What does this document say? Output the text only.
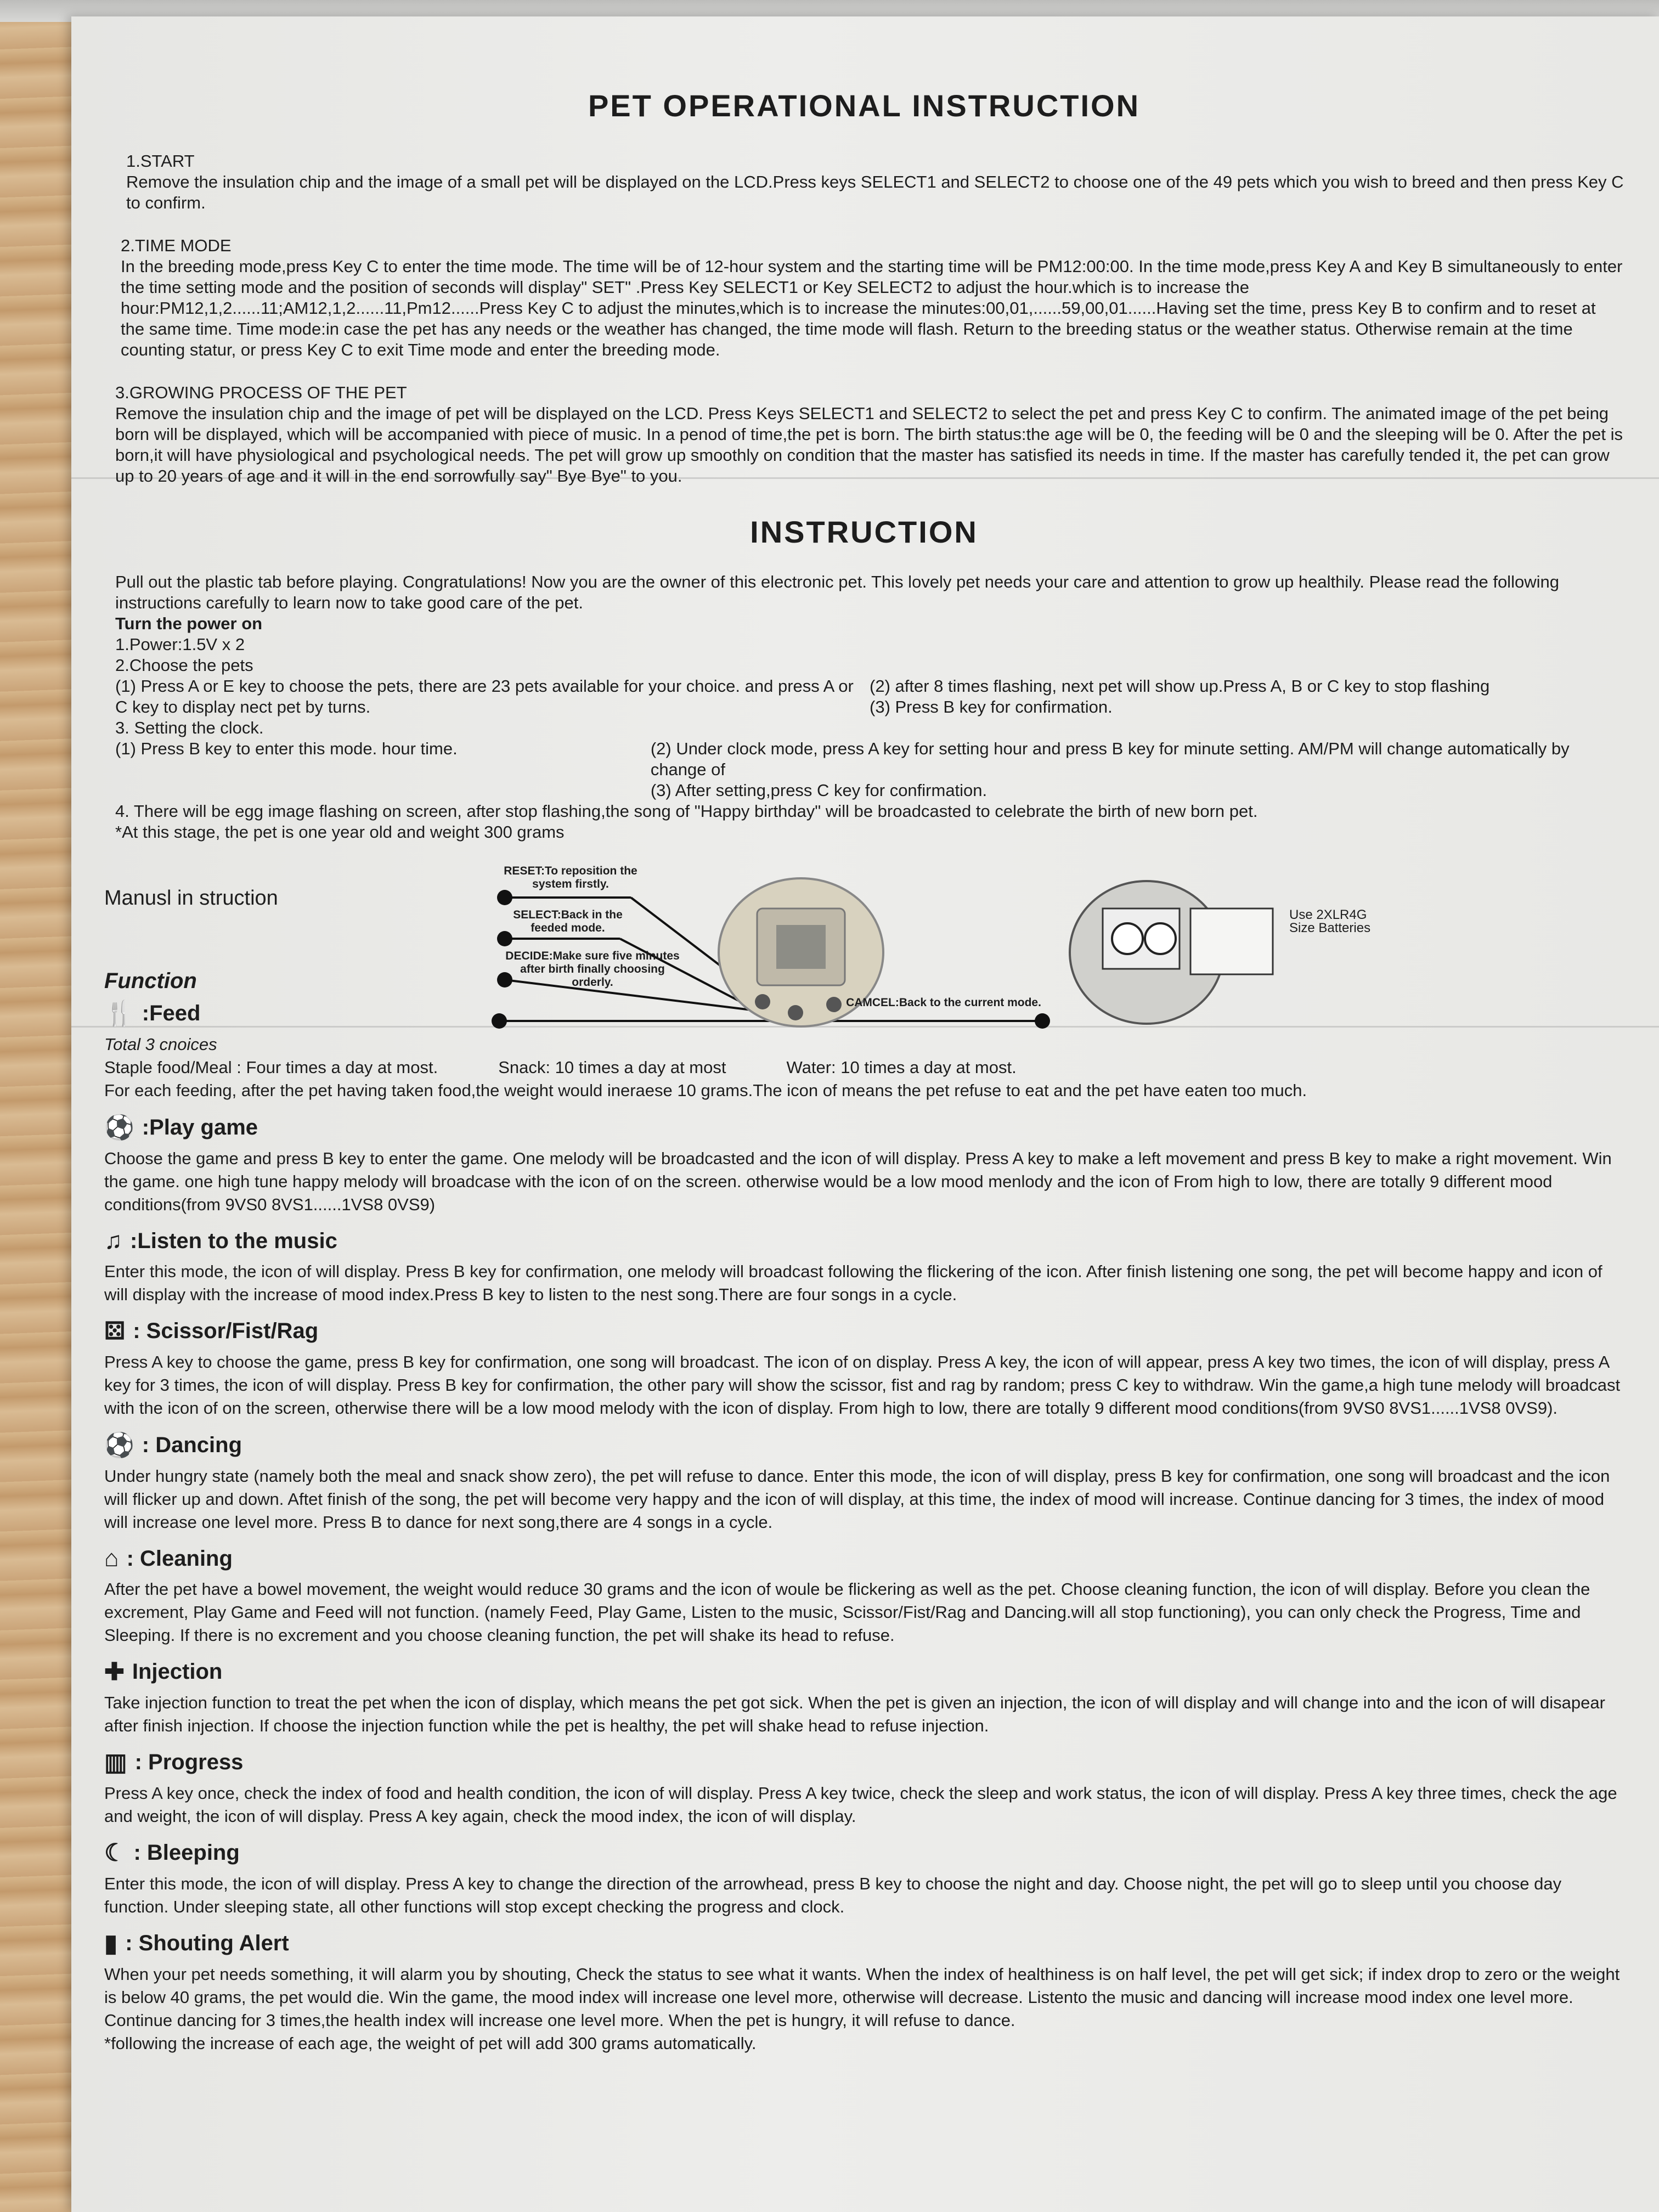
PET OPERATIONAL INSTRUCTION

1.START

Remove the insulation chip and the image of a small pet will be displayed on the LCD.Press keys SELECT1 and SELECT2 to choose one of the 49 pets which you wish to breed and then press Key C to confirm.

2.TIME MODE

In the breeding mode,press Key C to enter the time mode. The time will be of 12-hour system and the starting time will be PM12:00:00. In the time mode,press Key A and Key B simultaneously to enter the time setting mode and the position of seconds will display" SET" .Press Key SELECT1 or Key SELECT2 to adjust the hour.which is to increase the hour:PM12,1,2......11;AM12,1,2......11,Pm12......Press Key C to adjust the minutes,which is to increase the minutes:00,01,......59,00,01......Having set the time, press Key B to confirm and to reset at the same time. Time mode:in case the pet has any needs or the weather has changed, the time mode will flash. Return to the breeding status or the weather status. Otherwise remain at the time counting statur, or press Key C to exit Time mode and enter the breeding mode.

3.GROWING PROCESS OF THE PET

Remove the insulation chip and the image of pet will be displayed on the LCD. Press Keys SELECT1 and SELECT2 to select the pet and press Key C to confirm. The animated image of the pet being born will be displayed, which will be accompanied with piece of music. In a penod of time,the pet is born. The birth status:the age will be 0, the feeding will be 0 and the sleeping will be 0. After the pet is born,it will have physiological and psychological needs. The pet will grow up smoothly on condition that the master has satisfied its needs in time. If the master has carefully tended it, the pet can grow up to 20 years of age and it will in the end sorrowfully say" Bye Bye" to you.

INSTRUCTION

Pull out the plastic tab before playing. Congratulations! Now you are the owner of this electronic pet. This lovely pet needs your care and attention to grow up healthily. Please read the following instructions carefully to learn now to take good care of the pet.

Turn the power on

1.Power:1.5V x 2

2.Choose the pets

(1) Press A or E key to choose the pets, there are 23 pets available for your choice. and press A or C key to display nect pet by turns.

(2) after 8 times flashing, next pet will show up.Press A, B or C key to stop flashing

(3) Press B key for confirmation.

3. Setting the clock.

(1) Press B key to enter this mode. hour time.	(2) Under clock mode, press A key for setting hour and press B key for minute setting. AM/PM will change automatically by change of

(3) After setting,press C key for confirmation.

4. There will be egg image flashing on screen, after stop flashing,the song of "Happy birthday" will be broadcasted to celebrate the birth of new born pet.

*At this stage, the pet is one year old and weight 300 grams

Manusl in struction
RESET:To reposition the system firstly.
SELECT:Back in the feeded mode.
DECIDE:Make sure five minutes after birth finally choosing orderly.
CAMCEL:Back to the current mode.
Use 2XLR4G Size Batteries
Function
🍴 :Feed

Total 3 cnoices

Staple food/Meal : Four times a day at most.	Snack: 10 times a day at most	Water: 10 times a day at most.

For each feeding, after the pet having taken food,the weight would ineraese 10 grams.The icon of means the pet refuse to eat and the pet have eaten too much.

⚽ :Play game
Choose the game and press B key to enter the game. One melody will be broadcasted and the icon of will display. Press A key to make a left movement and press B key to make a right movement. Win the game. one high tune happy melody will broadcase with the icon of on the screen. otherwise would be a low mood menlody and the icon of From high to low, there are totally 9 different mood conditions(from 9VS0 8VS1......1VS8 0VS9)
♫ :Listen to the music
Enter this mode, the icon of will display. Press B key for confirmation, one melody will broadcast following the flickering of the icon. After finish listening one song, the pet will become happy and icon of will display with the increase of mood index.Press B key to listen to the nest song.There are four songs in a cycle.
⚄ : Scissor/Fist/Rag
Press A key to choose the game, press B key for confirmation, one song will broadcast. The icon of on display. Press A key, the icon of will appear, press A key two times, the icon of will display, press A key for 3 times, the icon of will display. Press B key for confirmation, the other pary will show the scissor, fist and rag by random; press C key to withdraw. Win the game,a high tune melody will broadcast with the icon of on the screen, otherwise there will be a low mood melody with the icon of display. From high to low, there are totally 9 different mood conditions(from 9VS0 8VS1......1VS8 0VS9).
⚽ : Dancing
Under hungry state (namely both the meal and snack show zero), the pet will refuse to dance. Enter this mode, the icon of will display, press B key for confirmation, one song will broadcast and the icon will flicker up and down. Aftet finish of the song, the pet will become very happy and the icon of will display, at this time, the index of mood will increase. Continue dancing for 3 times, the index of mood will increase one level more. Press B to dance for next song,there are 4 songs in a cycle.
⌂ : Cleaning
After the pet have a bowel movement, the weight would reduce 30 grams and the icon of woule be flickering as well as the pet. Choose cleaning function, the icon of will display. Before you clean the excrement, Play Game and Feed will not function. (namely Feed, Play Game, Listen to the music, Scissor/Fist/Rag and Dancing.will all stop functioning), you can only check the Progress, Time and Sleeping. If there is no excrement and you choose cleaning function, the pet will shake its head to refuse.
✚ Injection
Take injection function to treat the pet when the icon of display, which means the pet got sick. When the pet is given an injection, the icon of will display and will change into and the icon of will disapear after finish injection. If choose the injection function while the pet is healthy, the pet will shake head to refuse injection.
▥ : Progress
Press A key once, check the index of food and health condition, the icon of will display. Press A key twice, check the sleep and work status, the icon of will display. Press A key three times, check the age and weight, the icon of will display. Press A key again, check the mood index, the icon of will display.
☾ : Bleeping
Enter this mode, the icon of will display. Press A key to change the direction of the arrowhead, press B key to choose the night and day. Choose night, the pet will go to sleep until you choose day function. Under sleeping state, all other functions will stop except checking the progress and clock.
▮ : Shouting Alert

When your pet needs something, it will alarm you by shouting, Check the status to see what it wants. When the index of healthiness is on half level, the pet will get sick; if index drop to zero or the weight is below 40 grams, the pet would die. Win the game, the mood index will increase one level more, otherwise will decrease. Listento the music and dancing will increase mood index one level more. Continue dancing for 3 times,the health index will increase one level more. When the pet is hungry, it will refuse to dance.

*following the increase of each age, the weight of pet will add 300 grams automatically.
